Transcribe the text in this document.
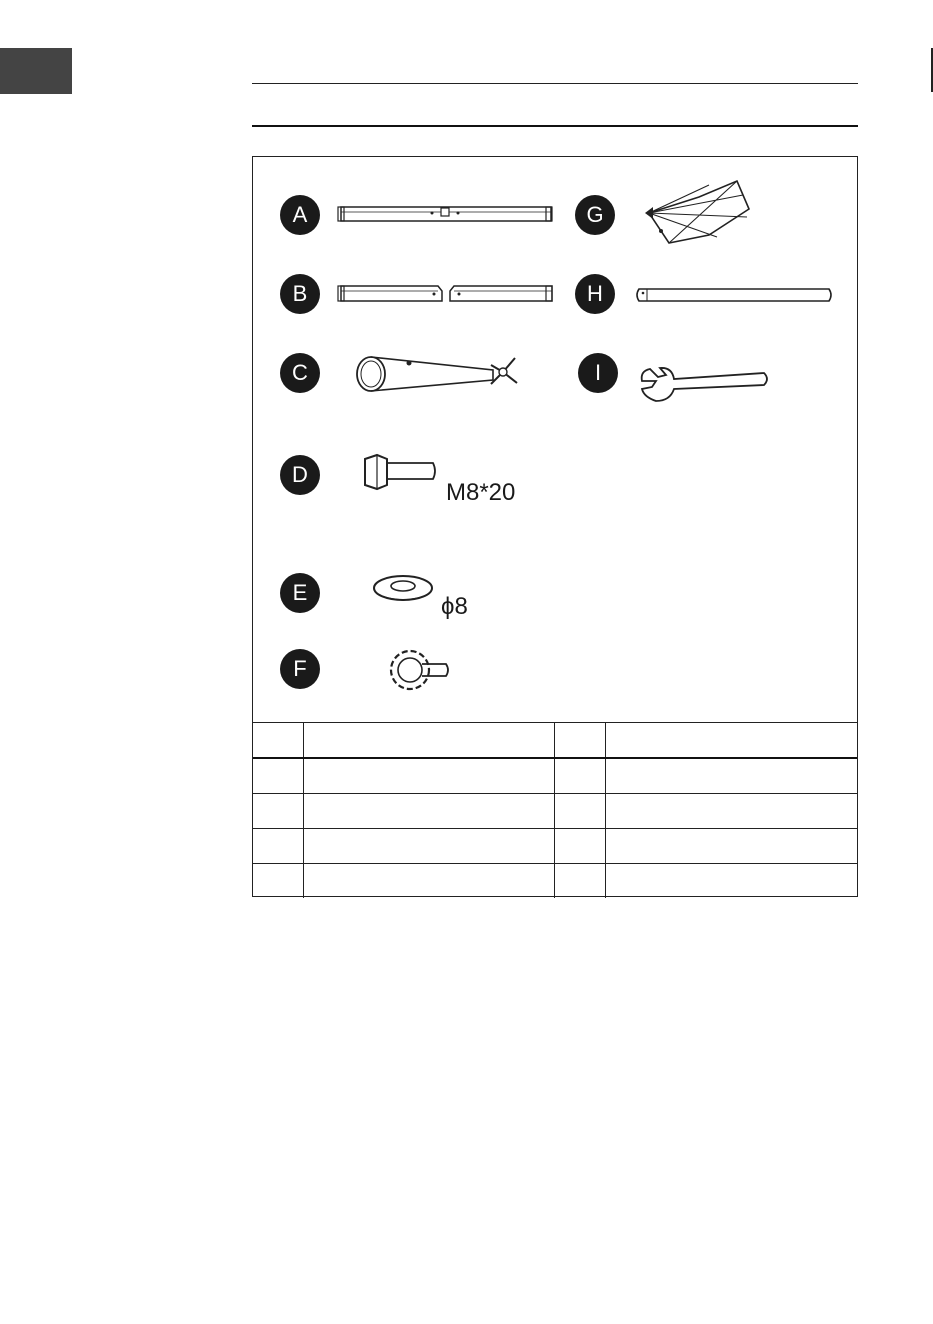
A
B
C
D
E
F
G
H
I
M8*20
ϕ8
